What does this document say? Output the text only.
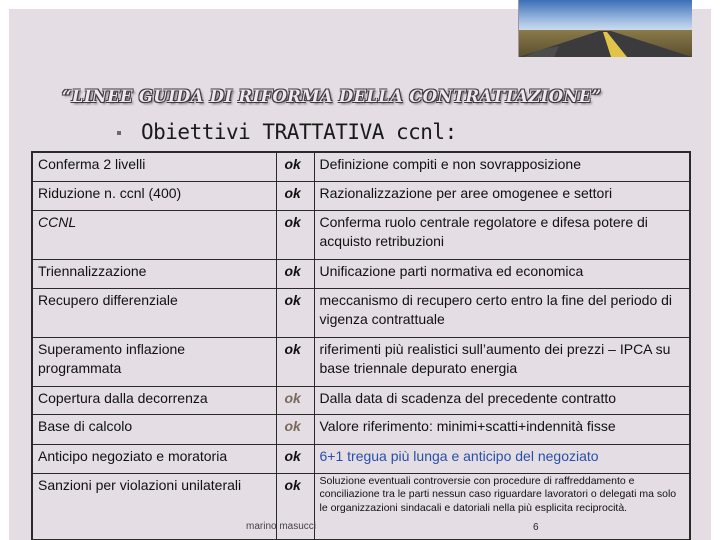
“LINEE GUIDA DI RIFORMA DELLA CONTRATTAZIONE”
Obiettivi TRATTATIVA ccnl:
Conferma 2 livelli	ok	Definizione compiti e non sovrapposizione
Riduzione n. ccnl (400)	ok	Razionalizzazione per aree omogenee e settori
CCNL	ok	Conferma ruolo centrale regolatore e difesa potere di acquisto retribuzioni
Triennalizzazione	ok	Unificazione parti normativa ed economica
Recupero differenziale	ok	meccanismo di recupero certo entro la fine del periodo di vigenza contrattuale
Superamento inflazione programmata	ok	riferimenti più realistici sull’aumento dei prezzi – IPCA su base triennale depurato energia
Copertura dalla decorrenza	ok	Dalla data di scadenza del precedente contratto
Base di calcolo	ok	Valore riferimento: minimi+scatti+indennità fisse
Anticipo negoziato e moratoria	ok	6+1 tregua più lunga e anticipo del negoziato
Sanzioni per violazioni unilaterali	ok	Soluzione eventuali controversie con procedure di raffreddamento e conciliazione tra le parti nessun caso riguardare lavoratori o delegati ma solo le organizzazioni sindacali e datoriali nella più esplicita reciprocità.
marino masucci	6
